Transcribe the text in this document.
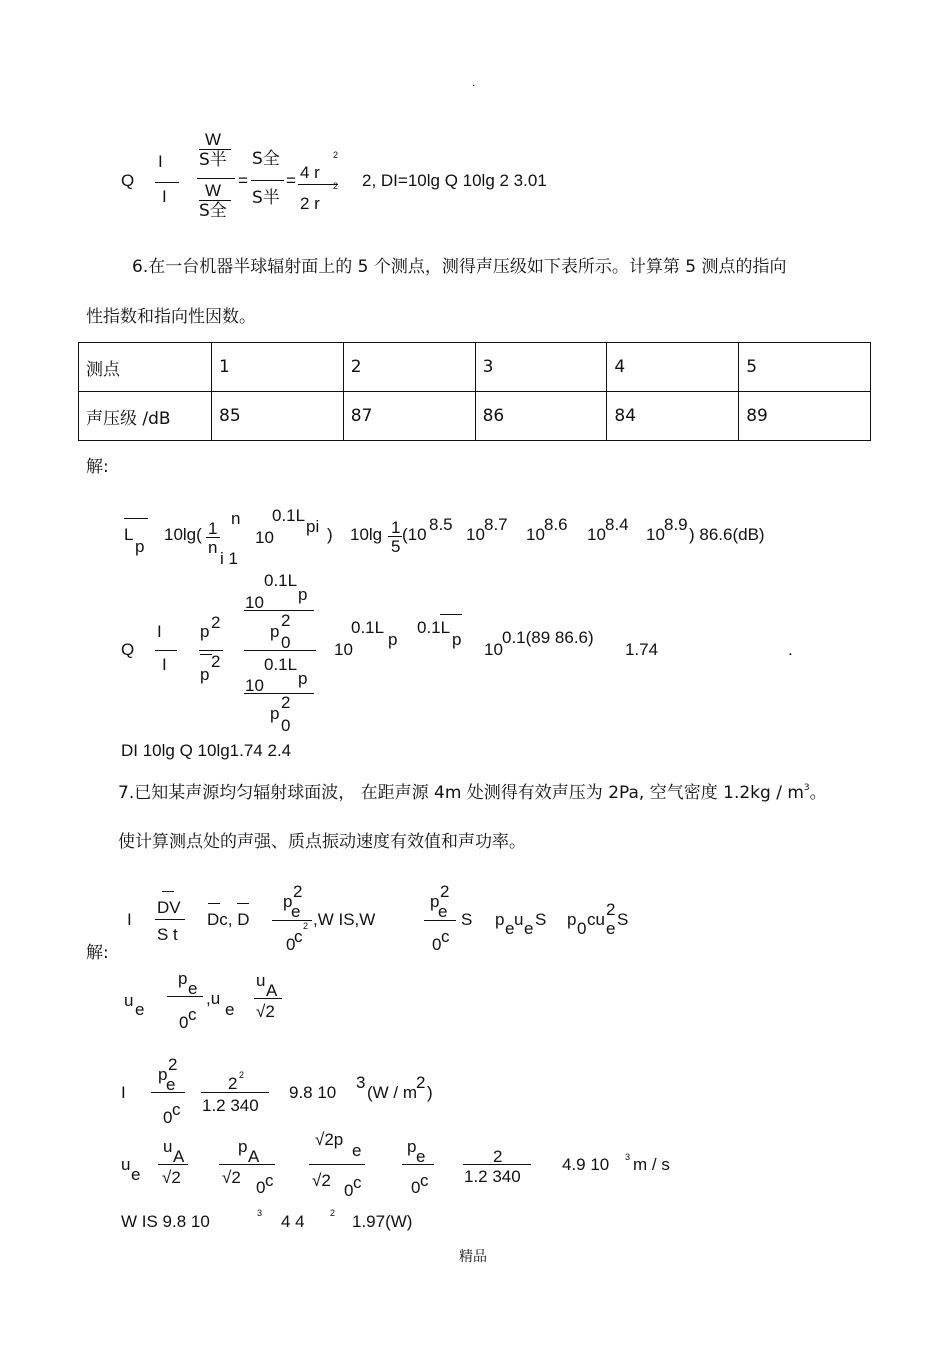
.
精品
Q
I
I
W
S半
W
S全
=
S全
S半
= 4 r
2
2 r
2 2, DI=10lg Q 10lg 2 3.01
6.在一台机器半球辐射面上的 5 个测点，测得声压级如下表所示。计算第 5 测点的指向
性指数和指向性因数。
测点	1	2	3	4	5
声压级 /dB	85	87	86	84	89
解:
L
p
10lg( 1
n
n
i 1
10
0.1L
pi ) 10lg 1
5
(10
8.5
10
8.7
10
8.6
10
8.4
10
8.9
) 86.6(dB)
Q
I
I
p 2
p
2
0.1L
p
10
p
2
0
0.1L
p
10
p
2
0
10
0.1L
p
0.1L
p
10
0.1(89 86.6)
1.74	.
DI 10lg Q 10lg1.74 2.4
7.已知某声源均匀辐射球面波， 在距声源 4m 处测得有效声压为 2Pa, 空气密度 $1.2kg / m^3$。
使计算测点处的声强、质点振动速度有效值和声功率。
I
DV
S t
Dc, D
p
2
e
0
c
2 ,W IS,W
p
2
e
0 c
S p e u e S p 0 cu
2
e S
解:
u e
p
e
0 c
,u
e
u
A
√2
I
p
2
e
0 c
2 2
1.2 340
9.8 10
3
(W / m
2
)
u
e
u
A
√2
p
A
√2
0 c
√2p
e
√2
0 c
p
e
0 c
2
1.2 340
4.9 10 3 m / s
W IS 9.8 10	3 4 4	2 1.97(W)
